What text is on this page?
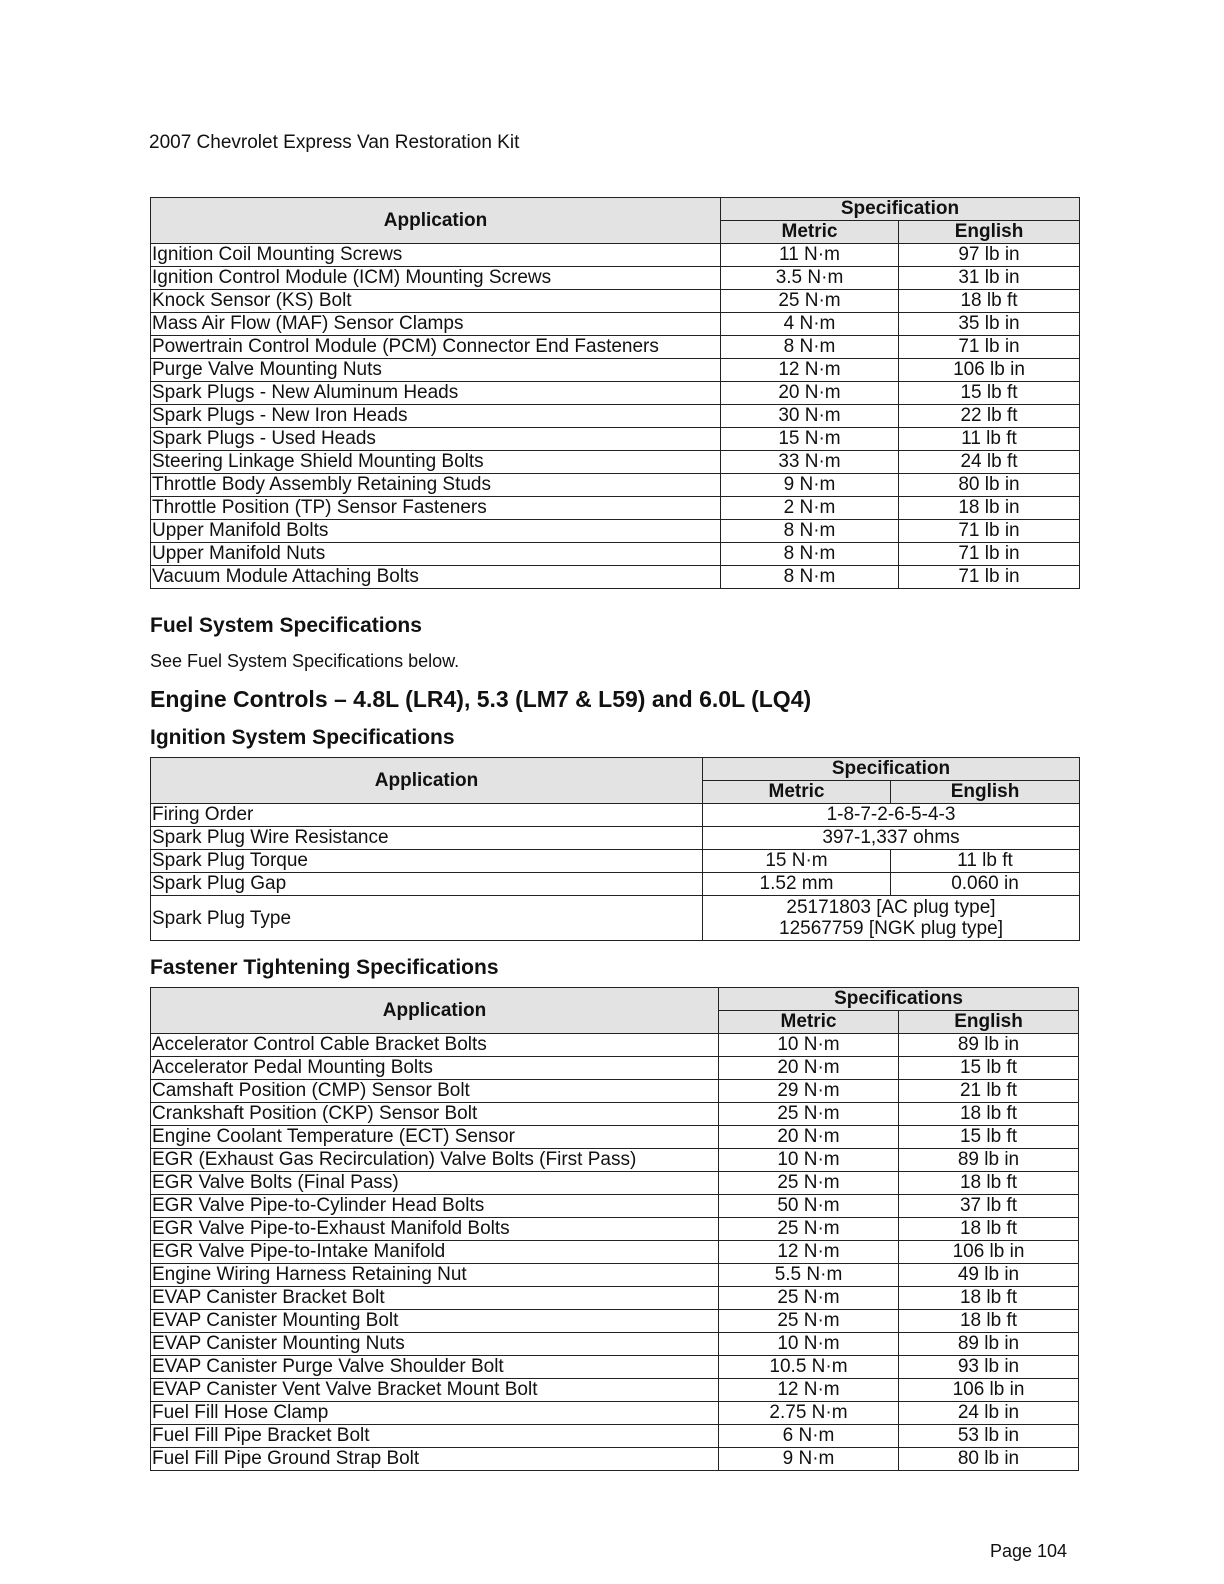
2007 Chevrolet Express Van Restoration Kit
Application	Specification	
	Metric	English
Ignition Coil Mounting Screws	11 N·m	97 lb in
Ignition Control Module (ICM) Mounting Screws	3.5 N·m	31 lb in
Knock Sensor (KS) Bolt	25 N·m	18 lb ft
Mass Air Flow (MAF) Sensor Clamps	4 N·m	35 lb in
Powertrain Control Module (PCM) Connector End Fasteners	8 N·m	71 lb in
Purge Valve Mounting Nuts	12 N·m	106 lb in
Spark Plugs - New Aluminum Heads	20 N·m	15 lb ft
Spark Plugs - New Iron Heads	30 N·m	22 lb ft
Spark Plugs - Used Heads	15 N·m	11 lb ft
Steering Linkage Shield Mounting Bolts	33 N·m	24 lb ft
Throttle Body Assembly Retaining Studs	9 N·m	80 lb in
Throttle Position (TP) Sensor Fasteners	2 N·m	18 lb in
Upper Manifold Bolts	8 N·m	71 lb in
Upper Manifold Nuts	8 N·m	71 lb in
Vacuum Module Attaching Bolts	8 N·m	71 lb in
Fuel System Specifications
See Fuel System Specifications below.
Engine Controls – 4.8L (LR4), 5.3 (LM7 & L59) and 6.0L (LQ4)
Ignition System Specifications
Application	Specification	
	Metric	English
Firing Order	1-8-7-2-6-5-4-3	
Spark Plug Wire Resistance	397-1,337 ohms	
Spark Plug Torque	15 N·m	11 lb ft
Spark Plug Gap	1.52 mm	0.060 in
Spark Plug Type	25171803 [AC plug type]
12567759 [NGK plug type]	
Fastener Tightening Specifications
Application	Specifications	
	Metric	English
Accelerator Control Cable Bracket Bolts	10 N·m	89 lb in
Accelerator Pedal Mounting Bolts	20 N·m	15 lb ft
Camshaft Position (CMP) Sensor Bolt	29 N·m	21 lb ft
Crankshaft Position (CKP) Sensor Bolt	25 N·m	18 lb ft
Engine Coolant Temperature (ECT) Sensor	20 N·m	15 lb ft
EGR (Exhaust Gas Recirculation) Valve Bolts (First Pass)	10 N·m	89 lb in
EGR Valve Bolts (Final Pass)	25 N·m	18 lb ft
EGR Valve Pipe-to-Cylinder Head Bolts	50 N·m	37 lb ft
EGR Valve Pipe-to-Exhaust Manifold Bolts	25 N·m	18 lb ft
EGR Valve Pipe-to-Intake Manifold	12 N·m	106 lb in
Engine Wiring Harness Retaining Nut	5.5 N·m	49 lb in
EVAP Canister Bracket Bolt	25 N·m	18 lb ft
EVAP Canister Mounting Bolt	25 N·m	18 lb ft
EVAP Canister Mounting Nuts	10 N·m	89 lb in
EVAP Canister Purge Valve Shoulder Bolt	10.5 N·m	93 lb in
EVAP Canister Vent Valve Bracket Mount Bolt	12 N·m	106 lb in
Fuel Fill Hose Clamp	2.75 N·m	24 lb in
Fuel Fill Pipe Bracket Bolt	6 N·m	53 lb in
Fuel Fill Pipe Ground Strap Bolt	9 N·m	80 lb in
Page 104
